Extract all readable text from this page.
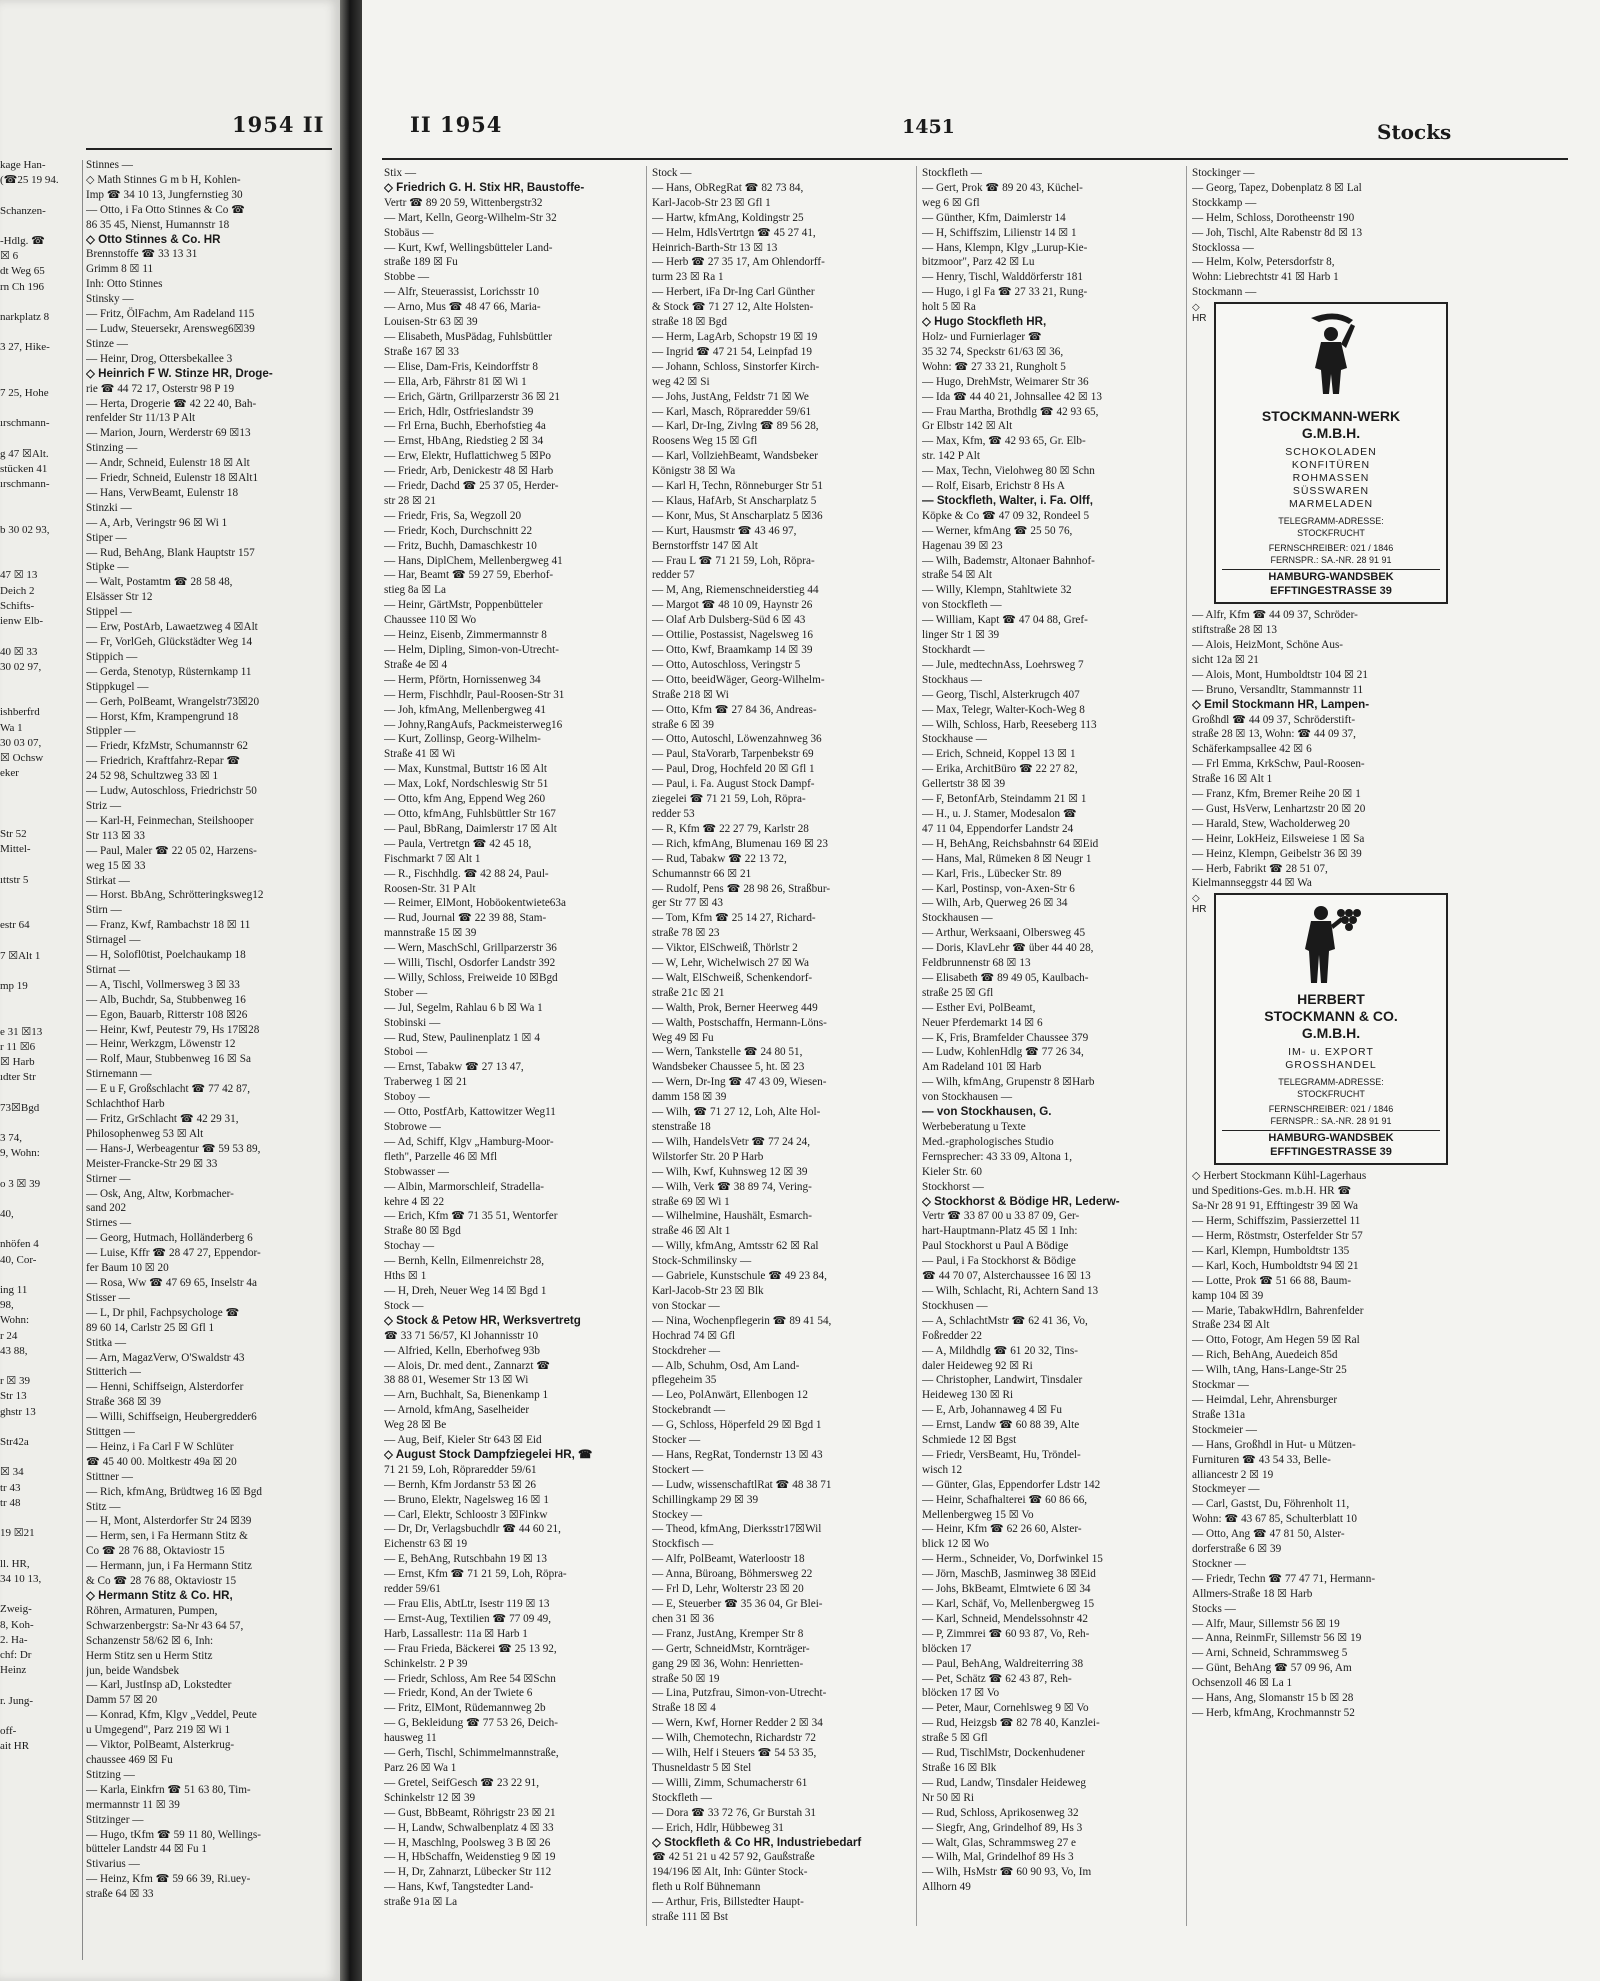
1954 II
kage Han-
(☎25 19 94.

Schanzen-

-Hdlg. ☎
☒ 6
dt Weg 65
rn Ch 196

narkplatz 8

3 27, Hike-

7 25, Hohe

ırschmann-

g 47 ☒Alt.
stücken 41
ırschmann-

b 30 02 93,

47 ☒ 13
Deich 2
Schifts-
ienw Elb-

40 ☒ 33
30 02 97,

ishberfrd
Wa 1
30 03 07,
☒ Ochsw
eker

Str 52
Mittel-

ıttstr 5

estr 64

7 ☒Alt 1

mp 19

e 31 ☒13
r 11 ☒6
☒ Harb
ıdter Str

73☒Bgd

3 74,
9, Wohn:

o 3 ☒ 39

40,

nhöfen 4
40, Cor-

ing 11
98,
Wohn:
r 24
43 88,

r ☒ 39
Str 13
ghstr 13

Str42a

☒ 34
tr 43
tr 48

19 ☒21

ll. HR,
34 10 13,

Zweig-
8, Koh-
2. Ha-
chf: Dr
Heinz

r. Jung-

off-
ait HR
Stinnes —
◇ Math Stinnes G m b H, Kohlen-
Imp ☎ 34 10 13, Jungfernstieg 30
— Otto, i Fa Otto Stinnes & Co ☎
86 35 45, Nienst, Humannstr 18
◇ Otto Stinnes & Co. HR
Brennstoffe ☎ 33 13 31
Grimm 8 ☒ 11
Inh: Otto Stinnes
Stinsky —
— Fritz, ÖlFachm, Am Radeland 115
— Ludw, Steuersekr, Arensweg6☒39
Stinze —
— Heinr, Drog, Ottersbekallee 3
◇ Heinrich F W. Stinze HR, Droge-
rie ☎ 44 72 17, Osterstr 98 P 19
— Herta, Drogerie ☎ 42 22 40, Bah-
renfelder Str 11/13 P Alt
— Marion, Journ, Werderstr 69 ☒13
Stinzing —
— Andr, Schneid, Eulenstr 18 ☒ Alt
— Friedr, Schneid, Eulenstr 18 ☒Alt1
— Hans, VerwBeamt, Eulenstr 18
Stinzki —
— A, Arb, Veringstr 96 ☒ Wi 1
Stiper —
— Rud, BehAng, Blank Hauptstr 157
Stipke —
— Walt, Postamtm ☎ 28 58 48,
Elsässer Str 12
Stippel —
— Erw, PostArb, Lawaetzweg 4 ☒Alt
— Fr, VorlGeh, Glückstädter Weg 14
Stippich —
— Gerda, Stenotyp, Rüsternkamp 11
Stippkugel —
— Gerh, PolBeamt, Wrangelstr73☒20
— Horst, Kfm, Krampengrund 18
Stippler —
— Friedr, KfzMstr, Schumannstr 62
— Friedrich, Kraftfahrz-Repar ☎
24 52 98, Schultzweg 33 ☒ 1
— Ludw, Autoschloss, Friedrichstr 50
Striz —
— Karl-H, Feinmechan, Steilshooper
Str 113 ☒ 33
— Paul, Maler ☎ 22 05 02, Harzens-
weg 15 ☒ 33
Stirkat —
— Horst. BbAng, Schrötteringksweg12
Stirn —
— Franz, Kwf, Rambachstr 18 ☒ 11
Stirnagel —
— H, Solofl0tist, Poelchaukamp 18
Stirnat —
— A, Tischl, Vollmersweg 3 ☒ 33
— Alb, Buchdr, Sa, Stubbenweg 16
— Egon, Bauarb, Ritterstr 108 ☒26
— Heinr, Kwf, Peutestr 79, Hs 17☒28
— Heinr, Werkzgm, Löwenstr 12
— Rolf, Maur, Stubbenweg 16 ☒ Sa
Stirnemann —
— E u F, Großschlacht ☎ 77 42 87,
Schlachthof Harb
— Fritz, GrSchlacht ☎ 42 29 31,
Philosophenweg 53 ☒ Alt
— Hans-J, Werbeagentur ☎ 59 53 89,
Meister-Francke-Str 29 ☒ 33
Stirner —
— Osk, Ang, Altw, Korbmacher-
sand 202
Stirnes —
— Georg, Hutmach, Holländerberg 6
— Luise, Kffr ☎ 28 47 27, Eppendor-
fer Baum 10 ☒ 20
— Rosa, Ww ☎ 47 69 65, Inselstr 4a
Stisser —
— L, Dr phil, Fachpsychologe ☎
89 60 14, Carlstr 25 ☒ Gfl 1
Stitka —
— Arn, MagazVerw, O'Swaldstr 43
Stitterich —
— Henni, Schiffseign, Alsterdorfer
Straße 368 ☒ 39
— Willi, Schiffseign, Heubergredder6
Stittgen —
— Heinz, i Fa Carl F W Schlüter
☎ 45 40 00. Moltkestr 49a ☒ 20
Stittner —
— Rich, kfmAng, Brüdtweg 16 ☒ Bgd
Stitz —
— H, Mont, Alsterdorfer Str 24 ☒39
— Herm, sen, i Fa Hermann Stitz &
Co ☎ 28 76 88, Oktaviostr 15
— Hermann, jun, i Fa Hermann Stitz
& Co ☎ 28 76 88, Oktaviostr 15
◇ Hermann Stitz & Co. HR,
Röhren, Armaturen, Pumpen,
Schwarzenbergstr: Sa-Nr 43 64 57,
Schanzenstr 58/62 ☒ 6, Inh:
Herm Stitz sen u Herm Stitz
jun, beide Wandsbek
— Karl, JustInsp aD, Lokstedter
Damm 57 ☒ 20
— Konrad, Kfm, Klgv „Veddel, Peute
u Umgegend", Parz 219 ☒ Wi 1
— Viktor, PolBeamt, Alsterkrug-
chaussee 469 ☒ Fu
Stitzing —
— Karla, Einkfrn ☎ 51 63 80, Tim-
mermannstr 11 ☒ 39
Stitzinger —
— Hugo, tKfm ☎ 59 11 80, Wellings-
bütteler Landstr 44 ☒ Fu 1
Stivarius —
— Heinz, Kfm ☎ 59 66 39, Ri.uey-
straße 64 ☒ 33
II 1954	1451	Stocks
Stix —
◇ Friedrich G. H. Stix HR, Baustoffe-
Vertr ☎ 89 20 59, Wittenbergstr32
— Mart, Kelln, Georg-Wilhelm-Str 32
Stobäus —
— Kurt, Kwf, Wellingsbütteler Land-
straße 189 ☒ Fu
Stobbe —
— Alfr, Steuerassist, Lorichsstr 10
— Arno, Mus ☎ 48 47 66, Maria-
Louisen-Str 63 ☒ 39
— Elisabeth, MusPädag, Fuhlsbüttler
Straße 167 ☒ 33
— Elise, Dam-Fris, Keindorffstr 8
— Ella, Arb, Fährstr 81 ☒ Wi 1
— Erich, Gärtn, Grillparzerstr 36 ☒ 21
— Erich, Hdlr, Ostfrieslandstr 39
— Frl Erna, Buchh, Eberhofstieg 4a
— Ernst, HbAng, Riedstieg 2 ☒ 34
— Erw, Elektr, Huflattichweg 5 ☒Po
— Friedr, Arb, Denickestr 48 ☒ Harb
— Friedr, Dachd ☎ 25 37 05, Herder-
str 28 ☒ 21
— Friedr, Fris, Sa, Wegzoll 20
— Friedr, Koch, Durchschnitt 22
— Fritz, Buchh, Damaschkestr 10
— Hans, DiplChem, Mellenbergweg 41
— Har, Beamt ☎ 59 27 59, Eberhof-
stieg 8a ☒ La
— Heinr, GärtMstr, Poppenbütteler
Chaussee 110 ☒ Wo
— Heinz, Eisenb, Zimmermannstr 8
— Helm, Dipling, Simon-von-Utrecht-
Straße 4e ☒ 4
— Herm, Pförtn, Hornissenweg 34
— Herm, Fischhdlr, Paul-Roosen-Str 31
— Joh, kfmAng, Mellenbergweg 41
— Johny,RangAufs, Packmeisterweg16
— Kurt, Zollinsp, Georg-Wilhelm-
Straße 41 ☒ Wi
— Max, Kunstmal, Buttstr 16 ☒ Alt
— Max, Lokf, Nordschleswig Str 51
— Otto, kfm Ang, Eppend Weg 260
— Otto, kfmAng, Fuhlsbüttler Str 167
— Paul, BbRang, Daimlerstr 17 ☒ Alt
— Paula, Vertretgn ☎ 42 45 18,
Fischmarkt 7 ☒ Alt 1
— R., Fischhdlg. ☎ 42 88 24, Paul-
Roosen-Str. 31 P Alt
— Reimer, ElMont, Hoböokentwiete63a
— Rud, Journal ☎ 22 39 88, Stam-
mannstraße 15 ☒ 39
— Wern, MaschSchl, Grillparzerstr 36
— Willi, Tischl, Osdorfer Landstr 392
— Willy, Schloss, Freiweide 10 ☒Bgd
Stober —
— Jul, Segelm, Rahlau 6 b ☒ Wa 1
Stobinski —
— Rud, Stew, Paulinenplatz 1 ☒ 4
Stoboi —
— Ernst, Tabakw ☎ 27 13 47,
Traberweg 1 ☒ 21
Stoboy —
— Otto, PostfArb, Kattowitzer Weg11
Stobrowe —
— Ad, Schiff, Klgv „Hamburg-Moor-
fleth", Parzelle 46 ☒ Mfl
Stobwasser —
— Albin, Marmorschleif, Stradella-
kehre 4 ☒ 22
— Erich, Kfm ☎ 71 35 51, Wentorfer
Straße 80 ☒ Bgd
Stochay —
— Bernh, Kelln, Eilmenreichstr 28,
Hths ☒ 1
— H, Dreh, Neuer Weg 14 ☒ Bgd 1
Stock —
◇ Stock & Petow HR, Werksvertretg
☎ 33 71 56/57, Kl Johannisstr 10
— Alfried, Kelln, Eberhofweg 93b
— Alois, Dr. med dent., Zannarzt ☎
38 88 01, Wesemer Str 13 ☒ Wi
— Arn, Buchhalt, Sa, Bienenkamp 1
— Arnold, kfmAng, Saselheider
Weg 28 ☒ Be
— Aug, Beif, Kieler Str 643 ☒ Eid
◇ August Stock Dampfziegelei HR, ☎
71 21 59, Loh, Röpraredder 59/61
— Bernh, Kfm Jordanstr 53 ☒ 26
— Bruno, Elektr, Nagelsweg 16 ☒ 1
— Carl, Elektr, Schloostr 3 ☒Finkw
— Dr, Dr, Verlagsbuchdlr ☎ 44 60 21,
Eichenstr 63 ☒ 19
— E, BehAng, Rutschbahn 19 ☒ 13
— Ernst, Kfm ☎ 71 21 59, Loh, Röpra-
redder 59/61
— Frau Elis, AbtLtr, Isestr 119 ☒ 13
— Ernst-Aug, Textilien ☎ 77 09 49,
Harb, Lassallestr: 11a ☒ Harb 1
— Frau Frieda, Bäckerei ☎ 25 13 92,
Schinkelstr. 2 P 39
— Friedr, Schloss, Am Ree 54 ☒Schn
— Friedr, Kond, An der Twiete 6
— Fritz, ElMont, Rüdemannweg 2b
— G, Bekleidung ☎ 77 53 26, Deich-
hausweg 11
— Gerh, Tischl, Schimmelmannstraße,
Parz 26 ☒ Wa 1
— Gretel, SeifGesch ☎ 23 22 91,
Schinkelstr 12 ☒ 39
— Gust, BbBeamt, Röhrigstr 23 ☒ 21
— H, Landw, Schwalbenplatz 4 ☒ 33
— H, Maschlng, Poolsweg 3 B ☒ 26
— H, HbSchaffn, Weidenstieg 9 ☒ 19
— H, Dr, Zahnarzt, Lübecker Str 112
— Hans, Kwf, Tangstedter Land-
straße 91a ☒ La
Stock —
— Hans, ObRegRat ☎ 82 73 84,
Karl-Jacob-Str 23 ☒ Gfl 1
— Hartw, kfmAng, Koldingstr 25
— Helm, HdlsVertrtgn ☎ 45 27 41,
Heinrich-Barth-Str 13 ☒ 13
— Herb ☎ 27 35 17, Am Ohlendorff-
turm 23 ☒ Ra 1
— Herbert, iFa Dr-Ing Carl Günther
& Stock ☎ 71 27 12, Alte Holsten-
straße 18 ☒ Bgd
— Herm, LagArb, Schopstr 19 ☒ 19
— Ingrid ☎ 47 21 54, Leinpfad 19
— Johann, Schloss, Sinstorfer Kirch-
weg 42 ☒ Si
— Johs, JustAng, Feldstr 71 ☒ We
— Karl, Masch, Röpraredder 59/61
— Karl, Dr-Ing, Zivlng ☎ 89 56 28,
Roosens Weg 15 ☒ Gfl
— Karl, VollziehBeamt, Wandsbeker
Königstr 38 ☒ Wa
— Karl H, Techn, Rönneburger Str 51
— Klaus, HafArb, St Anscharplatz 5
— Konr, Mus, St Anscharplatz 5 ☒36
— Kurt, Hausmstr ☎ 43 46 97,
Bernstorffstr 147 ☒ Alt
— Frau L ☎ 71 21 59, Loh, Röpra-
redder 57
— M, Ang, Riemenschneiderstieg 44
— Margot ☎ 48 10 09, Haynstr 26
— Olaf Arb Dulsberg-Süd 6 ☒ 43
— Ottilie, Postassist, Nagelsweg 16
— Otto, Kwf, Braamkamp 14 ☒ 39
— Otto, Autoschloss, Veringstr 5
— Otto, beeidWäger, Georg-Wilhelm-
Straße 218 ☒ Wi
— Otto, Kfm ☎ 27 84 36, Andreas-
straße 6 ☒ 39
— Otto, Autoschl, Löwenzahnweg 36
— Paul, StaVorarb, Tarpenbekstr 69
— Paul, Drog, Hochfeld 20 ☒ Gfl 1
— Paul, i. Fa. August Stock Dampf-
ziegelei ☎ 71 21 59, Loh, Röpra-
redder 53
— R, Kfm ☎ 22 27 79, Karlstr 28
— Rich, kfmAng, Blumenau 169 ☒ 23
— Rud, Tabakw ☎ 22 13 72,
Schumannstr 66 ☒ 21
— Rudolf, Pens ☎ 28 98 26, Straßbur-
ger Str 77 ☒ 43
— Tom, Kfm ☎ 25 14 27, Richard-
straße 78 ☒ 23
— Viktor, ElSchweiß, Thörlstr 2
— W, Lehr, Wichelwisch 27 ☒ Wa
— Walt, ElSchweiß, Schenkendorf-
straße 21c ☒ 21
— Walth, Prok, Berner Heerweg 449
— Walth, Postschaffn, Hermann-Löns-
Weg 49 ☒ Fu
— Wern, Tankstelle ☎ 24 80 51,
Wandsbeker Chaussee 5, ht. ☒ 23
— Wern, Dr-Ing ☎ 47 43 09, Wiesen-
damm 158 ☒ 39
— Wilh, ☎ 71 27 12, Loh, Alte Hol-
stenstraße 18
— Wilh, HandelsVetr ☎ 77 24 24,
Wilstorfer Str. 20 P Harb
— Wilh, Kwf, Kuhnsweg 12 ☒ 39
— Wilh, Verk ☎ 38 89 74, Vering-
straße 69 ☒ Wi 1
— Wilhelmine, Haushält, Esmarch-
straße 46 ☒ Alt 1
— Willy, kfmAng, Amtsstr 62 ☒ Ral
Stock-Schmilinsky —
— Gabriele, Kunstschule ☎ 49 23 84,
Karl-Jacob-Str 23 ☒ Blk
von Stockar —
— Nina, Wochenpflegerin ☎ 89 41 54,
Hochrad 74 ☒ Gfl
Stockdreher —
— Alb, Schuhm, Osd, Am Land-
pflegeheim 35
— Leo, PolAnwärt, Ellenbogen 12
Stockebrandt —
— G, Schloss, Höperfeld 29 ☒ Bgd 1
Stocker —
— Hans, RegRat, Tondernstr 13 ☒ 43
Stockert —
— Ludw, wissenschaftlRat ☎ 48 38 71
Schillingkamp 29 ☒ 39
Stockey —
— Theod, kfmAng, Dierksstr17☒Wil
Stockfisch —
— Alfr, PolBeamt, Waterloostr 18
— Anna, Büroang, Böhmersweg 22
— Frl D, Lehr, Wolterstr 23 ☒ 20
— E, Steuerber ☎ 35 36 04, Gr Blei-
chen 31 ☒ 36
— Franz, JustAng, Kremper Str 8
— Gertr, SchneidMstr, Kornträger-
gang 29 ☒ 36, Wohn: Henrietten-
straße 50 ☒ 19
— Lina, Putzfrau, Simon-von-Utrecht-
Straße 18 ☒ 4
— Wern, Kwf, Horner Redder 2 ☒ 34
— Wilh, Chemotechn, Richardstr 72
— Wilh, Helf i Steuers ☎ 54 53 35,
Thusneldastr 5 ☒ Stel
— Willi, Zimm, Schumacherstr 61
Stockfleth —
— Dora ☎ 33 72 76, Gr Burstah 31
— Erich, Hdlr, Hübbeweg 31
◇ Stockfleth & Co HR, Industriebedarf
☎ 42 51 21 u 42 57 92, Gaußstraße
194/196 ☒ Alt, Inh: Günter Stock-
fleth u Rolf Bühnemann
— Arthur, Fris, Billstedter Haupt-
straße 111 ☒ Bst
Stockfleth —
— Gert, Prok ☎ 89 20 43, Küchel-
weg 6 ☒ Gfl
— Günther, Kfm, Daimlerstr 14
— H, Schiffszim, Lilienstr 14 ☒ 1
— Hans, Klempn, Klgv „Lurup-Kie-
bitzmoor", Parz 42 ☒ Lu
— Henry, Tischl, Walddörferstr 181
— Hugo, i gl Fa ☎ 27 33 21, Rung-
holt 5 ☒ Ra
◇ Hugo Stockfleth HR,
Holz- und Furnierlager ☎
35 32 74, Speckstr 61/63 ☒ 36,
Wohn: ☎ 27 33 21, Rungholt 5
— Hugo, DrehMstr, Weimarer Str 36
— Ida ☎ 44 40 21, Johnsallee 42 ☒ 13
— Frau Martha, Brothdlg ☎ 42 93 65,
Gr Elbstr 142 ☒ Alt
— Max, Kfm, ☎ 42 93 65, Gr. Elb-
str. 142 P Alt
— Max, Techn, Vielohweg 80 ☒ Schn
— Rolf, Eisarb, Erichstr 8 Hs A
— Stockfleth, Walter, i. Fa. Olff,
Köpke & Co ☎ 47 09 32, Rondeel 5
— Werner, kfmAng ☎ 25 50 76,
Hagenau 39 ☒ 23
— Wilh, Bademstr, Altonaer Bahnhof-
straße 54 ☒ Alt
— Willy, Klempn, Stahltwiete 32
von Stockfleth —
— William, Kapt ☎ 47 04 88, Gref-
linger Str 1 ☒ 39
Stockhardt —
— Jule, medtechnAss, Loehrsweg 7
Stockhaus —
— Georg, Tischl, Alsterkrugch 407
— Max, Telegr, Walter-Koch-Weg 8
— Wilh, Schloss, Harb, Reeseberg 113
Stockhause —
— Erich, Schneid, Koppel 13 ☒ 1
— Erika, ArchitBüro ☎ 22 27 82,
Gellertstr 38 ☒ 39
— F, BetonfArb, Steindamm 21 ☒ 1
— H., u. J. Stamer, Modesalon ☎
47 11 04, Eppendorfer Landstr 24
— H, BehAng, Reichsbahnstr 64 ☒Eid
— Hans, Mal, Rümeken 8 ☒ Neugr 1
— Karl, Fris., Lübecker Str. 89
— Karl, Postinsp, von-Axen-Str 6
— Wilh, Arb, Querweg 26 ☒ 34
Stockhausen —
— Arthur, Werksaani, Olbersweg 45
— Doris, KlavLehr ☎ über 44 40 28,
Feldbrunnenstr 68 ☒ 13
— Elisabeth ☎ 89 49 05, Kaulbach-
straße 25 ☒ Gfl
— Esther Evi, PolBeamt,
Neuer Pferdemarkt 14 ☒ 6
— K, Fris, Bramfelder Chaussee 379
— Ludw, KohlenHdlg ☎ 77 26 34,
Am Radeland 101 ☒ Harb
— Wilh, kfmAng, Grupenstr 8 ☒Harb
von Stockhausen —
— von Stockhausen, G.
Werbeberatung u Texte
Med.-graphologisches Studio
Fernsprecher: 43 33 09, Altona 1,
Kieler Str. 60
Stockhorst —
◇ Stockhorst & Bödige HR, Lederw-
Vertr ☎ 33 87 00 u 33 87 09, Ger-
hart-Hauptmann-Platz 45 ☒ 1 Inh:
Paul Stockhorst u Paul A Bödige
— Paul, i Fa Stockhorst & Bödige
☎ 44 70 07, Alsterchaussee 16 ☒ 13
— Wilh, Schlacht, Ri, Achtern Sand 13
Stockhusen —
— A, SchlachtMstr ☎ 62 41 36, Vo,
Foßredder 22
— A, Mildhdlg ☎ 61 20 32, Tins-
daler Heideweg 92 ☒ Ri
— Christopher, Landwirt, Tinsdaler
Heideweg 130 ☒ Ri
— E, Arb, Johannaweg 4 ☒ Fu
— Ernst, Landw ☎ 60 88 39, Alte
Schmiede 12 ☒ Bgst
— Friedr, VersBeamt, Hu, Tröndel-
wisch 12
— Günter, Glas, Eppendorfer Ldstr 142
— Heinr, Schafhalterei ☎ 60 86 66,
Mellenbergweg 15 ☒ Vo
— Heinr, Kfm ☎ 62 26 60, Alster-
blick 12 ☒ Wo
— Herm., Schneider, Vo, Dorfwinkel 15
— Jörn, MaschB, Jasminweg 38 ☒Eid
— Johs, BkBeamt, Elmtwiete 6 ☒ 34
— Karl, Schäf, Vo, Mellenbergweg 15
— Karl, Schneid, Mendelssohnstr 42
— P, Zimmrei ☎ 60 93 87, Vo, Reh-
blöcken 17
— Paul, BehAng, Waldreiterring 38
— Pet, Schätz ☎ 62 43 87, Reh-
blöcken 17 ☒ Vo
— Peter, Maur, Cornehlsweg 9 ☒ Vo
— Rud, Heizgsb ☎ 82 78 40, Kanzlei-
straße 5 ☒ Gfl
— Rud, TischlMstr, Dockenhudener
Straße 16 ☒ Blk
— Rud, Landw, Tinsdaler Heideweg
Nr 50 ☒ Ri
— Rud, Schloss, Aprikosenweg 32
— Siegfr, Ang, Grindelhof 89, Hs 3
— Walt, Glas, Schrammsweg 27 e
— Wilh, Mal, Grindelhof 89 Hs 3
— Wilh, HsMstr ☎ 60 90 93, Vo, Im
Allhorn 49
Stockinger —
— Georg, Tapez, Dobenplatz 8 ☒ Lal
Stockkamp —
— Helm, Schloss, Dorotheenstr 190
— Joh, Tischl, Alte Rabenstr 8d ☒ 13
Stocklossa —
— Helm, Kolw, Petersdorfstr 8,
Wohn: Liebrechtstr 41 ☒ Harb 1
Stockmann —
◇ HR
STOCKMANN-WERK
G.M.B.H.
SCHOKOLADEN
KONFITÜREN
ROHMASSEN
SÜSSWAREN
MARMELADEN
TELEGRAMM-ADRESSE:
STOCKFRUCHT
FERNSCHREIBER: 021 / 1846
FERNSPR.: SA.-NR. 28 91 91
HAMBURG-WANDSBEK
EFFTINGESTRASSE 39
— Alfr, Kfm ☎ 44 09 37, Schröder-
stiftstraße 28 ☒ 13
— Alois, HeizMont, Schöne Aus-
sicht 12a ☒ 21
— Alois, Mont, Humboldtstr 104 ☒ 21
— Bruno, Versandltr, Stammannstr 11
◇ Emil Stockmann HR, Lampen-
Großhdl ☎ 44 09 37, Schröderstift-
straße 28 ☒ 13, Wohn: ☎ 44 09 37,
Schäferkampsallee 42 ☒ 6
— Frl Emma, KrkSchw, Paul-Roosen-
Straße 16 ☒ Alt 1
— Franz, Kfm, Bremer Reihe 20 ☒ 1
— Gust, HsVerw, Lenhartzstr 20 ☒ 20
— Harald, Stew, Wacholderweg 20
— Heinr, LokHeiz, Eilsweiese 1 ☒ Sa
— Heinz, Klempn, Geibelstr 36 ☒ 39
— Herb, Fabrikt ☎ 28 51 07,
Kielmannseggstr 44 ☒ Wa
◇ HR
HERBERT
STOCKMANN & CO.
G.M.B.H.
IM- u. EXPORT
GROSSHANDEL
TELEGRAMM-ADRESSE:
STOCKFRUCHT
FERNSCHREIBER: 021 / 1846
FERNSPR.: SA.-NR. 28 91 91
HAMBURG-WANDSBEK
EFFTINGESTRASSE 39
◇ Herbert Stockmann Kühl-Lagerhaus
und Speditions-Ges. m.b.H. HR ☎
Sa-Nr 28 91 91, Efftingestr 39 ☒ Wa
— Herm, Schiffszim, Passierzettel 11
— Herm, Röstmstr, Osterfelder Str 57
— Karl, Klempn, Humboldtstr 135
— Karl, Koch, Humboldtstr 94 ☒ 21
— Lotte, Prok ☎ 51 66 88, Baum-
kamp 104 ☒ 39
— Marie, TabakwHdlrn, Bahrenfelder
Straße 234 ☒ Alt
— Otto, Fotogr, Am Hegen 59 ☒ Ral
— Rich, BehAng, Auedeich 85d
— Wilh, tAng, Hans-Lange-Str 25
Stockmar —
— Heimdal, Lehr, Ahrensburger
Straße 131a
Stockmeier —
— Hans, Großhdl in Hut- u Mützen-
Furnituren ☎ 43 54 33, Belle-
alliancestr 2 ☒ 19
Stockmeyer —
— Carl, Gastst, Du, Föhrenholt 11,
Wohn: ☎ 43 67 85, Schulterblatt 10
— Otto, Ang ☎ 47 81 50, Alster-
dorferstraße 6 ☒ 39
Stockner —
— Friedr, Techn ☎ 77 47 71, Hermann-
Allmers-Straße 18 ☒ Harb
Stocks —
— Alfr, Maur, Sillemstr 56 ☒ 19
— Anna, ReinmFr, Sillemstr 56 ☒ 19
— Arni, Schneid, Schrammsweg 5
— Günt, BehAng ☎ 57 09 96, Am
Ochsenzoll 46 ☒ La 1
— Hans, Ang, Slomanstr 15 b ☒ 28
— Herb, kfmAng, Krochmannstr 52
